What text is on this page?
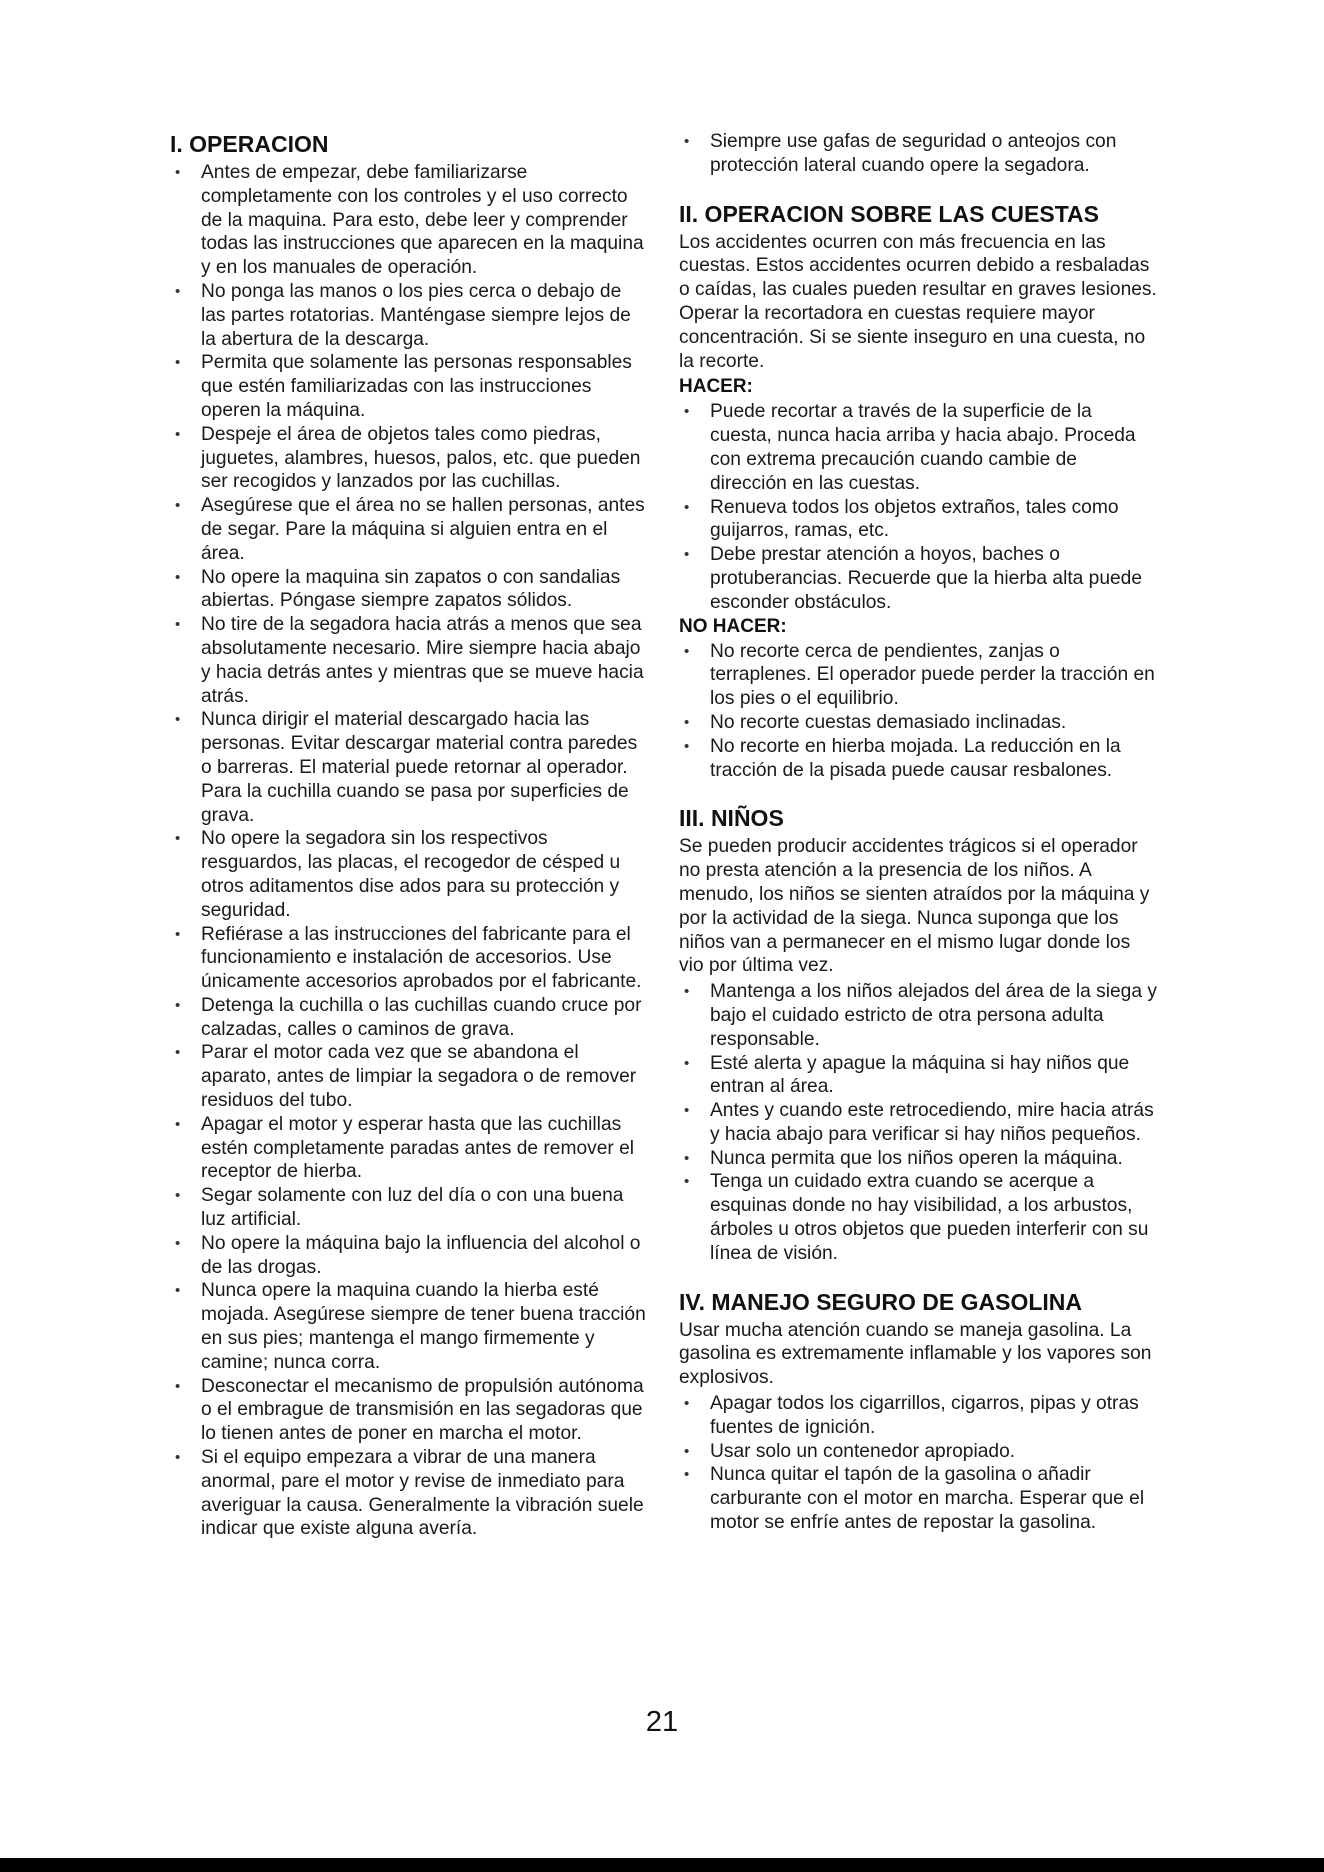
I. OPERACION
• Antes de empezar, debe familiarizarse completamente con los controles y el uso correcto de la maquina. Para esto, debe leer y comprender todas las instrucciones que aparecen en la maquina y en los manuales de operación.
• No ponga las manos o los pies cerca o debajo de las partes rotatorias. Manténgase siempre lejos de la abertura de la descarga.
• Permita que solamente las personas responsables que estén familiarizadas con las instrucciones operen la máquina.
• Despeje el área de objetos tales como piedras, juguetes, alambres, huesos, palos, etc. que pueden ser recogidos y lanzados por las cuchillas.
• Asegúrese que el área no se hallen personas, antes de segar. Pare la máquina si alguien entra en el área.
• No opere la maquina sin zapatos o con sandalias abiertas. Póngase siempre zapatos sólidos.
• No tire de la segadora hacia atrás a menos que sea absolutamente necesario. Mire siempre hacia abajo y hacia detrás antes y mientras que se mueve hacia atrás.
• Nunca dirigir el material descargado hacia las personas. Evitar descargar material contra paredes o barreras. El material puede retornar al operador. Para la cuchilla cuando se pasa por superficies de grava.
• No opere la segadora sin los respectivos resguardos, las placas, el recogedor de césped u otros aditamentos dise ados para su protección y seguridad.
• Refiérase a las instrucciones del fabricante para el funcionamiento e instalación de accesorios. Use únicamente accesorios aprobados por el fabricante.
• Detenga la cuchilla o las cuchillas cuando cruce por calzadas, calles o caminos de grava.
• Parar el motor cada vez que se abandona el aparato, antes de limpiar la segadora o de remover residuos del tubo.
• Apagar el motor y esperar hasta que las cuchillas estén completamente paradas antes de remover el receptor de hierba.
• Segar solamente con luz del día o con una buena luz artificial.
• No opere la máquina bajo la influencia del alcohol o de las drogas.
• Nunca opere la maquina cuando la hierba esté mojada. Asegúrese siempre de tener buena tracción en sus pies; mantenga el mango firmemente y camine; nunca corra.
• Desconectar el mecanismo de propulsión autónoma o el embrague de transmisión en las segadoras que lo tienen antes de poner en marcha el motor.
• Si el equipo empezara a vibrar de una manera anormal, pare el motor y revise de inmediato para averiguar la causa. Generalmente la vibración suele indicar que existe alguna avería.
• Siempre use gafas de seguridad o anteojos con protección lateral cuando opere la segadora.
II. OPERACION SOBRE LAS CUESTAS

Los accidentes ocurren con más frecuencia en las cuestas. Estos accidentes ocurren debido a resbaladas o caídas, las cuales pueden resultar en graves lesiones. Operar la recortadora en cuestas requiere mayor concentración. Si se siente inseguro en una cuesta, no la recorte.

HACER:
• Puede recortar a través de la superficie de la cuesta, nunca hacia arriba y hacia abajo. Proceda con extrema precaución cuando cambie de dirección en las cuestas.
• Renueva todos los objetos extraños, tales como guijarros, ramas, etc.
• Debe prestar atención a hoyos, baches o protuberancias. Recuerde que la hierba alta puede esconder obstáculos.
NO HACER:
• No recorte cerca de pendientes, zanjas o terraplenes. El operador puede perder la tracción en los pies o el equilibrio.
• No recorte cuestas demasiado inclinadas.
• No recorte en hierba mojada. La reducción en la tracción de la pisada puede causar resbalones.
III. NIÑOS

Se pueden producir accidentes trágicos si el operador no presta atención a la presencia de los niños. A menudo, los niños se sienten atraídos por la máquina y por la actividad de la siega. Nunca suponga que los niños van a permanecer en el mismo lugar donde los vio por última vez.

• Mantenga a los niños alejados del área de la siega y bajo el cuidado estricto de otra persona adulta responsable.
• Esté alerta y apague la máquina si hay niños que entran al área.
• Antes y cuando este retrocediendo, mire hacia atrás y hacia abajo para verificar si hay niños pequeños.
• Nunca permita que los niños operen la máquina.
• Tenga un cuidado extra cuando se acerque a esquinas donde no hay visibilidad, a los arbustos, árboles u otros objetos que pueden interferir con su línea de visión.
IV. MANEJO SEGURO DE GASOLINA

Usar mucha atención cuando se maneja gasolina. La gasolina es extremamente inflamable y los vapores son explosivos.

• Apagar todos los cigarrillos, cigarros, pipas y otras fuentes de ignición.
• Usar solo un contenedor apropiado.
• Nunca quitar el tapón de la gasolina o añadir carburante con el motor en marcha. Esperar que el motor se enfríe antes de repostar la gasolina.
21
